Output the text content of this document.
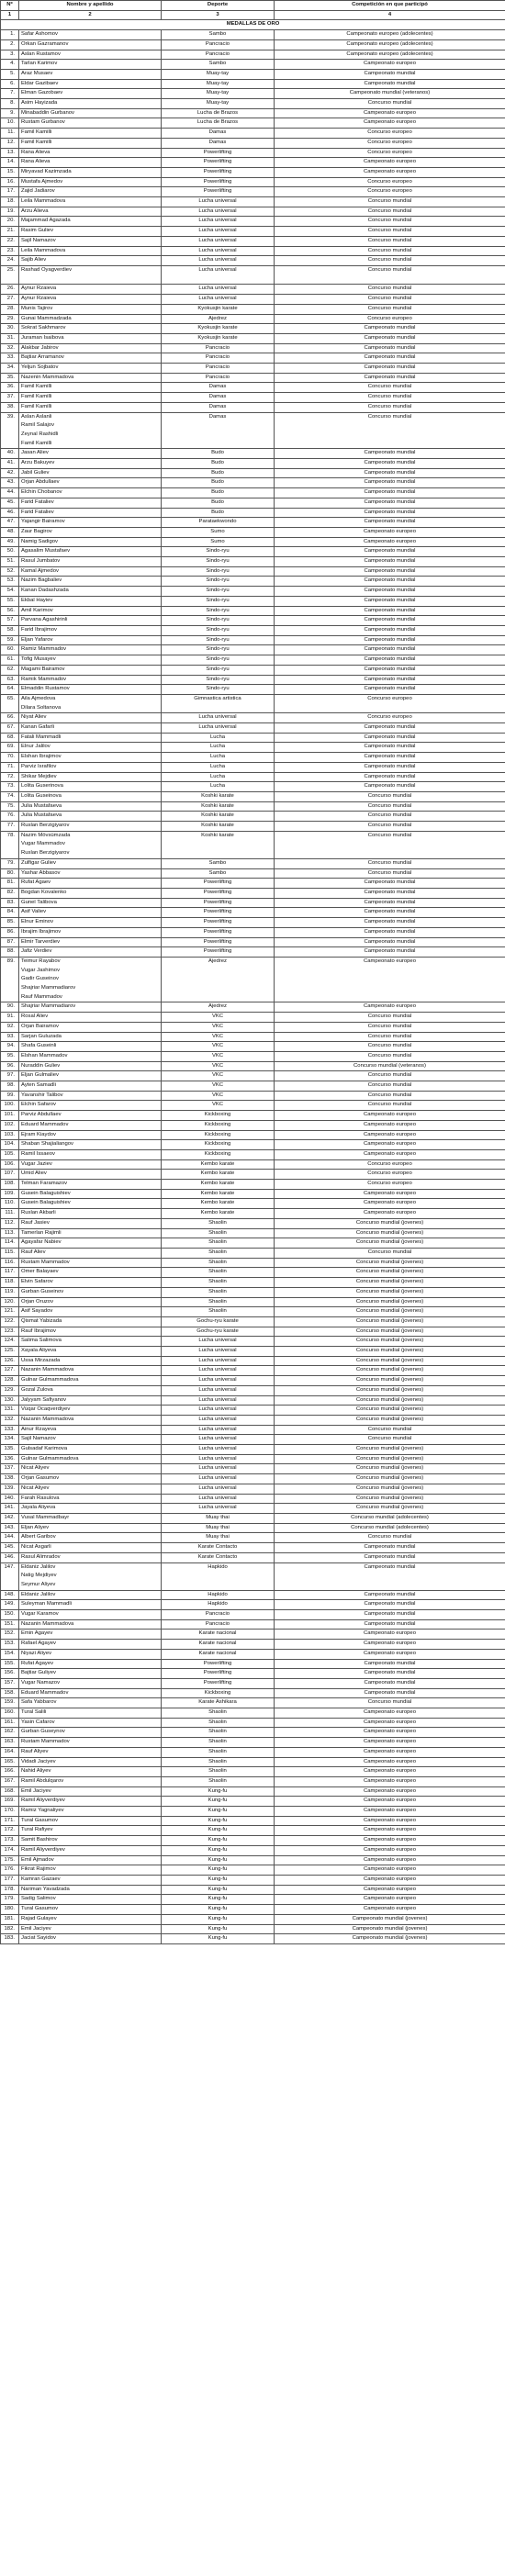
Nº	Nombre y apellido	Deporte	Competición en que participó
1	2	3	4
MEDALLAS DE ORO			
1.	Safar Ashomov	Sambo	Campeonato europeo (adolecentes)
2.	Orkan Gazramanov	Pancracio	Campeonato europeo (adolecentes)
3.	Aslan Rustamov	Pancracio	Campeonato europeo (adolecentes)
4.	Tarlan Karimov	Sambo	Campeonato europeo
5.	Araz Musaev	Muay-tay	Campeonato mundial
6.	Eldar Gazibaev	Muay-tay	Campeonato mundial
7.	Elman Gazobaev	Muay-tay	Campeonato mundial (veteranos)
8.	Asim Hayizada	Muay-tay	Concurso mundial
9.	Minabaddin Gurbanov	Lucha de Brazos	Campeonato europeo
10.	Rustam Gurbanov	Lucha de Brazos	Campeonato europeo
11.	Famil Kamilli	Damas	Concurso europeo
12.	Famil Kamilli	Damas	Concurso europeo
13.	Rana Alieva	Powerlifting	Concurso europeo
14.	Rana Alieva	Powerlifting	Campeonato europeo
15.	Miryavad Kazimzada	Powerlifting	Campeonato europeo
16.	Mustafa Ajmedov	Powerlifting	Concurso europeo
17.	Zajid Jadiarov	Powerlifting	Concurso europeo
18.	Leila Mammadova	Lucha universal	Concurso mundial
19.	Arzu Alieva	Lucha universal	Concurso mundial
20.	Majammad Agazada	Lucha universal	Concurso mundial
21.	Rasim Guliev	Lucha universal	Concurso mundial
22.	Sajil Namazov	Lucha universal	Concurso mundial
23.	Leila Mammadova	Lucha universal	Concurso mundial
24.	Sajib Aliev	Lucha universal	Concurso mundial
25.	Rashad Oyagverdiev	Lucha universal	Concurso mundial
26.	Aynur Rzaieva	Lucha universal	Concurso mundial
27.	Aynur Rzaieva	Lucha universal	Concurso mundial
28.	Munis Tajirov	Kyokusjin karate	Concurso mundial
29.	Gunai Mammadzada	Ajedrez	Concurso europeo
30.	Sokrat Sakhmarov	Kyokusjin karate	Campeonato mundial
31.	Juraman Isaibova	Kyokusjin karate	Campeonato mundial
32.	Alakbar Jabirov	Pancracio	Campeonato mundial
33.	Bajtiar Arramanov	Pancracio	Campeonato mundial
34.	Yeljun Sojbatov	Pancracio	Campeonato mundial
35.	Nazenin Mammadova	Pancracio	Campeonato mundial
36.	Famil Kamilli	Damas	Concurso mundial
37.	Famil Kamilli	Damas	Concurso mundial
38.	Famil Kamilli	Damas	Concurso mundial
39.	Aslan Aslanli
Ramil Salajov
Zeynal Rashidli
Famil Kamilli	Damas	Concurso mundial
40.	Jasan Aliev	Budo	Campeonato mundial
41.	Arzu Bakuyev	Budo	Campeonato mundial
42.	Jabil Guliev	Budo	Campeonato mundial
43.	Orjan Abdullaev	Budo	Campeonato mundial
44.	Elchin Chobanov	Budo	Campeonato mundial
45.	Farid Fataliev	Budo	Campeonato mundial
46.	Farid Fataliev	Budo	Campeonato mundial
47.	Yajangir Bairamov	Parataekwondo	Campeonato mundial
48.	Zaur Bagirov	Sumo	Campeonato europeo
49.	Namig Sadigov	Sumo	Campeonato europeo
50.	Agasalim Mustafaev	Sindo-ryu	Campeonato mundial
51.	Rasul Jumbatov	Sindo-ryu	Campeonato mundial
52.	Kamal Ajmedov	Sindo-ryu	Campeonato mundial
53.	Nazim Bagbaliev	Sindo-ryu	Campeonato mundial
54.	Kanan Dadashzada	Sindo-ryu	Campeonato mundial
55.	Ekbal Hayiev	Sindo-ryu	Campeonato mundial
56.	Amil Karimov	Sindo-ryu	Campeonato mundial
57.	Parvana Agashirinli	Sindo-ryu	Campeonato mundial
58.	Farid Ibrajimov	Sindo-ryu	Campeonato mundial
59.	Eljan Yafarov	Sindo-ryu	Campeonato mundial
60.	Ramiz Mammadov	Sindo-ryu	Campeonato mundial
61.	Tofig Musayev	Sindo-ryu	Campeonato mundial
62.	Magami Bairamov	Sindo-ryu	Campeonato mundial
63.	Ramik Mammadov	Sindo-ryu	Campeonato mundial
64.	Elmaddin Rustamov	Sindo-ryu	Campeonato mundial
65.	Aila Ajmedova
Dilara Soltanova	Gimnastica artistica	Concurso europeo
66.	Niyat Aliev	Lucha universal	Concurso europeo
67.	Kanan Gafarli	Lucha universal	Campeonato mundial
68.	Fatali Mammadli	Lucha	Campeonato mundial
69.	Elnur Jalilov	Lucha	Campeonato mundial
70.	Elshan Ibrajimov	Lucha	Campeonato mundial
71.	Parviz Israfilov	Lucha	Campeonato mundial
72.	Shikar Mejdiev	Lucha	Campeonato mundial
73.	Lolita Guserinova	Lucha	Campeonato mundial
74.	Lolita Guseinova	Koshki karate	Concurso mundial
75.	Julia Mustafaeva	Koshki karate	Concurso mundial
76.	Julia Mustafaeva	Koshki karate	Concurso mundial
77.	Ruslan Berzigiyarov	Koshki karate	Concurso mundial
78.	Nazim Mövsümzada
Vugar Mammadov
Ruslan Berzigiyarov	Koshki karate	Concurso mundial
79.	Zulfigar Guliev	Sambo	Concurso mundial
80.	Yashar Abbasov	Sambo	Concurso mundial
81.	Rufat Agaev	Powerlifting	Campeonato mundial
82.	Bogdan Kovalenko	Powerlifting	Campeonato mundial
83.	Gunel Talibova	Powerlifting	Campeonato mundial
84.	Asif Valiev	Powerlifting	Campeonato mundial
85.	Elnur Eminov	Powerlifting	Campeonato mundial
86.	Ibrajim Ibrajimov	Powerlifting	Campeonato mundial
87.	Elmir Tarverdiev	Powerlifting	Campeonato mundial
88.	Jafiz Verdiev	Powerlifting	Campeonato mundial
89.	Teimur Rayabov
Vugar Jashimov
Gadir Guseinov
Shajriar Mammadiarov
Rauf Mammadov	Ajedrez	Campeonato europeo
90.	Shajriar Mammadiarov	Ajedrez	Campeonato europeo
91.	Rosal Aliev	VKC	Concurso mundial
92.	Orjan Bairamov	VKC	Concurso mundial
93.	Sarjan Guluzada	VKC	Concurso mundial
94.	Shafa Guseinli	VKC	Concurso mundial
95.	Elshan Mammadov	VKC	Concurso mundial
96.	Nuraddin Guliev	VKC	Concurso mundial (veteranos)
97.	Eljan Gulmaliev	VKC	Concurso mundial
98.	Ayten Samadli	VKC	Concurso mundial
99.	Yavanshir Talibov	VKC	Concurso mundial
100.	Elchin Safarov	VKC	Concurso mundial
101.	Parviz Abdullaev	Kickboxing	Campeonato europeo
102.	Eduard Mammadov	Kickboxing	Campeonato europeo
103.	Ejram Kiaydov	Kickboxing	Campeonato europeo
104.	Shaban Shajialiangov	Kickboxing	Campeonato europeo
105.	Ramil Issaeov	Kickboxing	Campeonato europeo
106.	Vugar Jaziev	Kembo karate	Concurso europeo
107.	Umid Aliev	Kembo karate	Concurso europeo
108.	Telman Faramazov	Kembo karate	Concurso europeo
109.	Gusein Balaguishiev	Kembo karate	Campeonato europeo
110.	Gusein Balaguishiev	Kembo karate	Campeonato europeo
111.	Ruslan Akbarli	Kembo karate	Campeonato europeo
112.	Rauf Jasiev	Shaolin	Concurso mundial (jovenes)
113.	Tamerlan Rajimli	Shaolin	Concurso mundial (jovenes)
114.	Agayafar Nabiev	Shaolin	Concurso mundial (jovenes)
115.	Rauf Aliev	Shaolin	Concurso mundial
116.	Rustam Mammadov	Shaolin	Concurso mundial (jovenes)
117.	Omer Balayaev	Shaolin	Concurso mundial (jovenes)
118.	Elvin Safarov	Shaolin	Concurso mundial (jovenes)
119.	Gurban Guseinov	Shaolin	Concurso mundial (jovenes)
120.	Orjan Oruzov	Shaolin	Concurso mundial (jovenes)
121.	Asif Sayadov	Shaolin	Concurso mundial (jovenes)
122.	Qismat Yabizada	Gochu-ryu karate	Concurso mundial (jovenes)
123.	Rauf Ibrajimov	Gochu-ryu karate	Concurso mundial (jovenes)
124.	Salima Salimova	Lucha universal	Concurso mundial (jovenes)
125.	Xayala Aliyeva	Lucha universal	Concurso mundial (jovenes)
126.	Ussa Mirzazada	Lucha universal	Concurso mundial (jovenes)
127.	Nazanin Mammadova	Lucha universal	Concurso mundial (jovenes)
128.	Gulnar Gulmammadova	Lucha universal	Concurso mundial (jovenes)
129.	Gozal Zulova	Lucha universal	Concurso mundial (jovenes)
130.	Jalyyam Safiyanov	Lucha universal	Concurso mundial (jovenes)
131.	Vüqar Ocaqverdiyev	Lucha universal	Concurso mundial (jovenes)
132.	Nazanin Mammadova	Lucha universal	Concurso mundial (jovenes)
133.	Ainur Rzayeva	Lucha universal	Concurso mundial
134.	Sajil Namazov	Lucha universal	Concurso mundial
135.	Gulsadaf Karimova	Lucha universal	Concurso mundial (jovenes)
136.	Gulnar Gulmammadova	Lucha universal	Concurso mundial (jovenes)
137.	Nicat Aliyev	Lucha universal	Concurso mundial (jovenes)
138.	Orjan Gasumov	Lucha universal	Concurso mundial (jovenes)
139.	Nicat Aliyev	Lucha universal	Concurso mundial (jovenes)
140.	Farah Rasulova	Lucha universal	Concurso mundial (jovenes)
141.	Jayala Aliyeva	Lucha universal	Concurso mundial (jovenes)
142.	Vusal Mammadbayr	Muay thai	Concurso mundial (adolecentes)
143.	Eljan Aliyev	Muay thai	Concurso mundial (adolecentes)
144.	Albert Garibov	Muay thai	Concurso mundial
145.	Nicat Asgarli	Karate Contacto	Campeonato mundial
146.	Rasul Alimradov	Karate Contacto	Campeonato mundial
147.	Eldaniz Jalilov
Natig Mejdiyev
Seymur Aliyev	Hapkido	Campeonato mundial
148.	Eldaniz Jalilov	Hapkido	Campeonato mundial
149.	Suleyman Mammadli	Hapkido	Campeonato mundial
150.	Vugar Karamov	Pancracio	Campeonato mundial
151.	Nazanin Mammadova	Pancracio	Campeonato mundial
152.	Emin Agayev	Karate nacional	Campeonato europeo
153.	Rafael Agayev	Karate nacional	Campeonato europeo
154.	Niyazi Aliyev	Karate nacional	Campeonato europeo
155.	Rufat Agayev	Powerlifting	Campeonato mundial
156.	Bajtiar Guliyev	Powerlifting	Campeonato mundial
157.	Vugar Namazov	Powerlifting	Campeonato mundial
158.	Eduard Mammadov	Kickboxing	Campeonato mundial
159.	Safa Yabbarov	Karate Ashikara	Concurso mundial
160.	Tural Salili	Shaolin	Campeonato europeo
161.	Yasin Cafarov	Shaolin	Campeonato europeo
162.	Gurban Guseynov	Shaolin	Campeonato europeo
163.	Rustam Mammadov	Shaolin	Campeonato europeo
164.	Rauf Aliyev	Shaolin	Campeonato europeo
165.	Vidadi Jaciyev	Shaolin	Campeonato europeo
166.	Nahid Aliyev	Shaolin	Campeonato europeo
167.	Ramil Abdulqarov	Shaolin	Campeonato europeo
168.	Emil Jaciyev	Kung-fu	Campeonato europeo
169.	Ramil Aliyverdiyev	Kung-fu	Campeonato europeo
170.	Ramiz Yagnaliyev	Kung-fu	Campeonato europeo
171.	Tural Gasumov	Kung-fu	Campeonato europeo
172.	Tural Rafiyev	Kung-fu	Campeonato europeo
173.	Samit Bashirov	Kung-fu	Campeonato europeo
174.	Ramil Aliyverdiyev	Kung-fu	Campeonato europeo
175.	Emil Ajmadov	Kung-fu	Campeonato europeo
176.	Fikrat Rajimov	Kung-fu	Campeonato europeo
177.	Kamran Gazaev	Kung-fu	Campeonato europeo
178.	Nariman Yavadzada	Kung-fu	Campeonato europeo
179.	Sadig Salimov	Kung-fu	Campeonato europeo
180.	Tural Gasumov	Kung-fu	Campeonato europeo
181.	Rajad Gulayev	Kung-fu	Campeonato mundial (jovenes)
182.	Emil Jaciyev	Kung-fu	Campeonato mundial (jovenes)
183.	Jaciat Sayidov	Kung-fu	Campeonato mundial (jovenes)
